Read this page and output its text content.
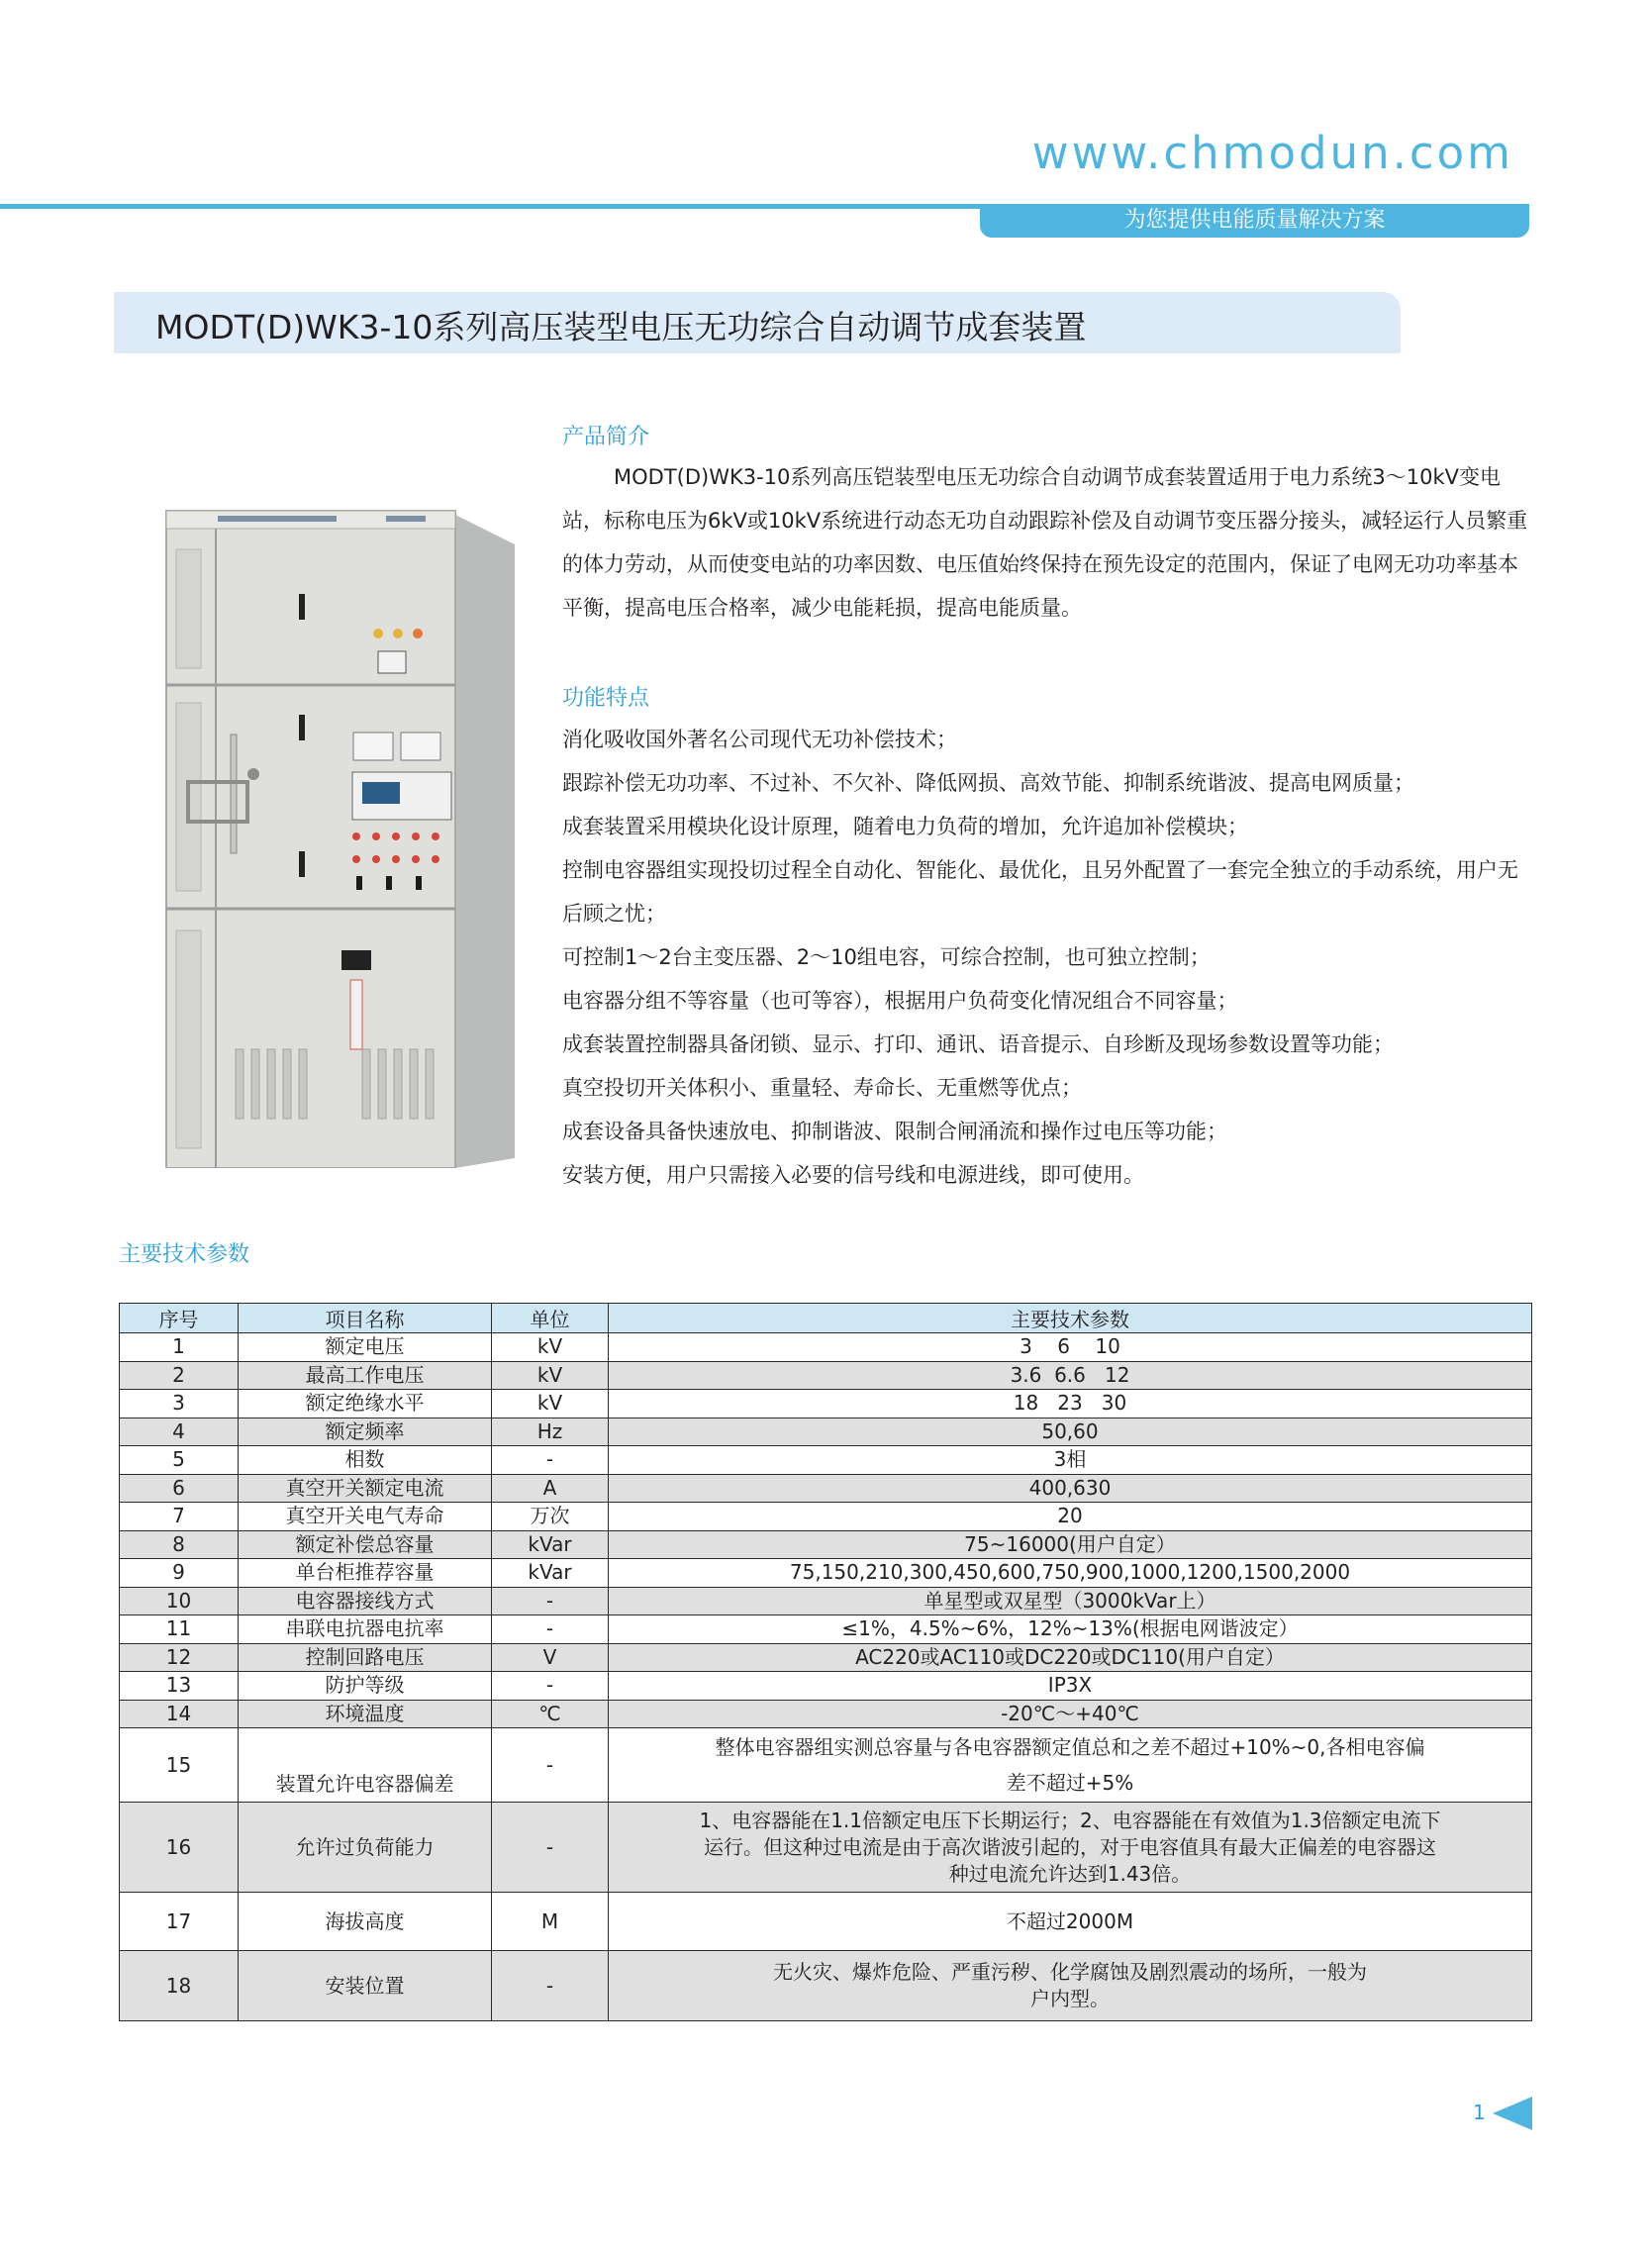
www.chmodun.com
为您提供电能质量解决方案
MODT(D)WK3-10系列高压装型电压无功综合自动调节成套装置
产品简介

MODT(D)WK3-10系列高压铠装型电压无功综合自动调节成套装置适用于电力系统3～10kV变电站，标称电压为6kV或10kV系统进行动态无功自动跟踪补偿及自动调节变压器分接头，减轻运行人员繁重的体力劳动，从而使变电站的功率因数、电压值始终保持在预先设定的范围内，保证了电网无功功率基本平衡，提高电压合格率，减少电能耗损，提高电能质量。

功能特点
消化吸收国外著名公司现代无功补偿技术；
跟踪补偿无功功率、不过补、不欠补、降低网损、高效节能、抑制系统谐波、提高电网质量；
成套装置采用模块化设计原理，随着电力负荷的增加，允许追加补偿模块；
控制电容器组实现投切过程全自动化、智能化、最优化，且另外配置了一套完全独立的手动系统，用户无后顾之忧；
可控制1～2台主变压器、2～10组电容，可综合控制，也可独立控制；
电容器分组不等容量（也可等容），根据用户负荷变化情况组合不同容量；
成套装置控制器具备闭锁、显示、打印、通讯、语音提示、自珍断及现场参数设置等功能；
真空投切开关体积小、重量轻、寿命长、无重燃等优点；
成套设备具备快速放电、抑制谐波、限制合闸涌流和操作过电压等功能；
安装方便，用户只需接入必要的信号线和电源进线，即可使用。
主要技术参数
序号	项目名称	单位	主要技术参数
1	额定电压	kV	3    6    10
2	最高工作电压	kV	3.6  6.6   12
3	额定绝缘水平	kV	18   23   30
4	额定频率	Hz	50,60
5	相数	-	3相
6	真空开关额定电流	A	400,630
7	真空开关电气寿命	万次	20
8	额定补偿总容量	kVar	75~16000(用户自定）
9	单台柜推荐容量	kVar	75,150,210,300,450,600,750,900,1000,1200,1500,2000
10	电容器接线方式	-	单星型或双星型（3000kVar上）
11	串联电抗器电抗率	-	≤1%，4.5%~6%，12%~13%(根据电网谐波定）
12	控制回路电压	V	AC220或AC110或DC220或DC110(用户自定）
13	防护等级	-	IP3X
14	环境温度	℃	-20℃～+40℃
15	装置允许电容器偏差	-	整体电容器组实测总容量与各电容器额定值总和之差不超过+10%~0,各相电容偏
差不超过+5%

16	允许过负荷能力	-	1、电容器能在1.1倍额定电压下长期运行；2、电容器能在有效值为1.3倍额定电流下
运行。但这种过电流是由于高次谐波引起的，对于电容值具有最大正偏差的电容器这
种过电流允许达到1.43倍。

17	海拔高度	M	不超过2000M
18	安装位置	-	无火灾、爆炸危险、严重污秽、化学腐蚀及剧烈震动的场所，一般为
户内型。
1
